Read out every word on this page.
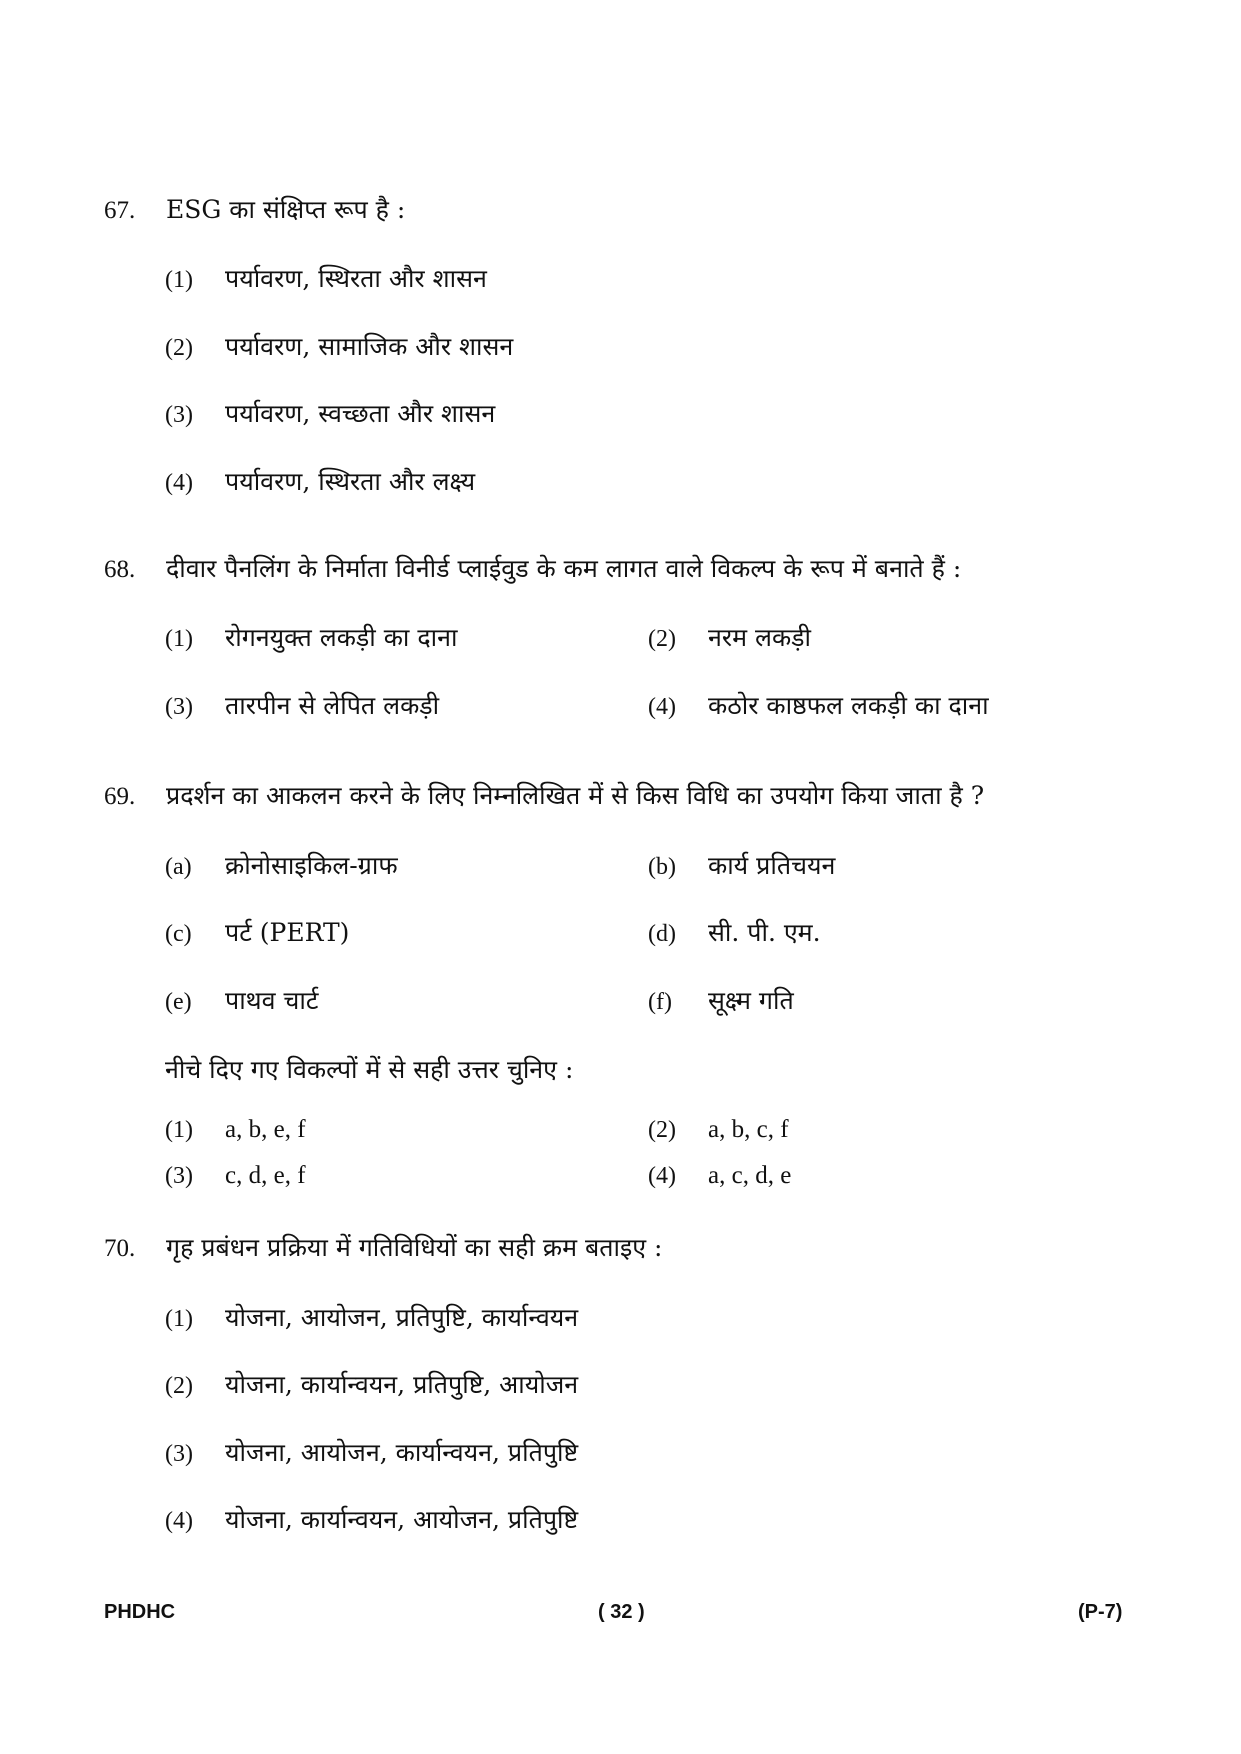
67. ESG का संक्षिप्त रूप है :
(1) पर्यावरण, स्थिरता और शासन
(2) पर्यावरण, सामाजिक और शासन
(3) पर्यावरण, स्वच्छता और शासन
(4) पर्यावरण, स्थिरता और लक्ष्य
68. दीवार पैनलिंग के निर्माता विनीर्ड प्लाईवुड के कम लागत वाले विकल्प के रूप में बनाते हैं :
(1) रोगनयुक्त लकड़ी का दाना	(2) नरम लकड़ी
(3) तारपीन से लेपित लकड़ी	(4) कठोर काष्ठफल लकड़ी का दाना
69. प्रदर्शन का आकलन करने के लिए निम्नलिखित में से किस विधि का उपयोग किया जाता है ?
(a) क्रोनोसाइकिल-ग्राफ	(b) कार्य प्रतिचयन
(c) पर्ट (PERT)	(d) सी. पी. एम.
(e) पाथव चार्ट	(f) सूक्ष्म गति
नीचे दिए गए विकल्पों में से सही उत्तर चुनिए :
(1) a, b, e, f	(2) a, b, c, f
(3) c, d, e, f	(4) a, c, d, e
70. गृह प्रबंधन प्रक्रिया में गतिविधियों का सही क्रम बताइए :
(1) योजना, आयोजन, प्रतिपुष्टि, कार्यान्वयन
(2) योजना, कार्यान्वयन, प्रतिपुष्टि, आयोजन
(3) योजना, आयोजन, कार्यान्वयन, प्रतिपुष्टि
(4) योजना, कार्यान्वयन, आयोजन, प्रतिपुष्टि
PHDHC	( 32 )	(P-7)
